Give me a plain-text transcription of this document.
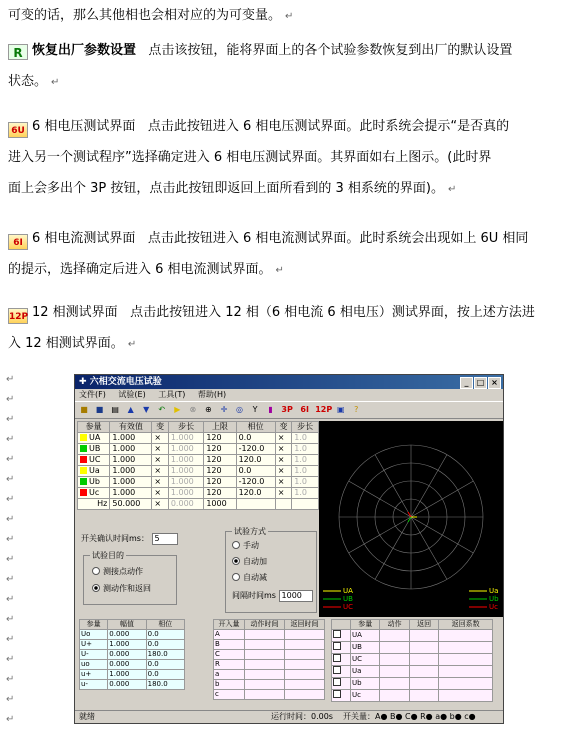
可变的话，那么其他相也会相对应的为可变量。 ↵
R 恢复出厂参数设置 点击该按钮，能将界面上的各个试验参数恢复到出厂的默认设置
状态。 ↵
6U 6 相电压测试界面 点击此按钮进入 6 相电压测试界面。此时系统会提示“是否真的
进入另一个测试程序”选择确定进入 6 相电压测试界面。其界面如右上图示。(此时界
面上会多出个 3P 按钮，点击此按钮即返回上面所看到的 3 相系统的界面)。 ↵
6I 6 相电流测试界面 点击此按钮进入 6 相电流测试界面。此时系统会出现如上 6U 相同
的提示，选择确定后进入 6 相电流测试界面。 ↵
12P 12 相测试界面 点击此按钮进入 12 相（6 相电流 6 相电压）测试界面，按上述方法进
入 12 相测试界面。 ↵
↵
↵
↵
↵
↵
↵
↵
↵
↵
↵
↵
↵
↵
↵
↵
↵
↵
↵
✚ 六相交流电压试验	_ □ ×
文件(F) 试验(E) 工具(T) 帮助(H)
■ ■ ▤ ▲ ▼ ↶ ▶ ⊗ ⊕ ✛ ◎ Y ▮ 3P 6I 12P ▣ ?
参量	有效值	变	步长	上限	相位	变	步长
UA	1.000	×	1.000	120	0.0	×	1.0
UB	1.000	×	1.000	120	-120.0	×	1.0
UC	1.000	×	1.000	120	120.0	×	1.0
Ua	1.000	×	1.000	120	0.0	×	1.0
Ub	1.000	×	1.000	120	-120.0	×	1.0
Uc	1.000	×	1.000	120	120.0	×	1.0
Hz	50.000	×	0.000	1000			
UA
UB
UC
Ua
Ub
Uc
开关确认时间ms： 5
试验目的
测接点动作
测动作和返回
试验方式
手动
自动加
自动减
间隔时间ms 1000
参量	幅值	相位
Uo	0.000	0.0
U+	1.000	0.0
U-	0.000	180.0
uo	0.000	0.0
u+	1.000	0.0
u-	0.000	180.0
开入量	动作时间	返回时间
A		
B		
C		
R		
a		
b		
c		
	参量	动作	返回	返回系数
	UA			
	UB			
	UC			
	Ua			
	Ub			
	Uc			
就绪	运行时间：0.00s 开关量：A● B● C● R● a● b● c●
